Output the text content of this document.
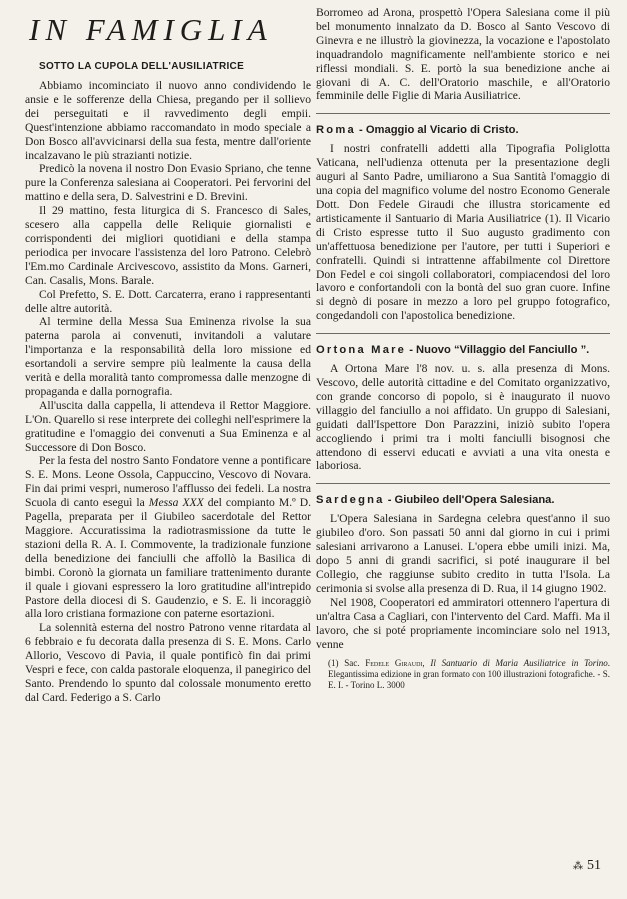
IN FAMIGLIA
SOTTO LA CUPOLA DELL'AUSILIATRICE

Abbiamo incominciato il nuovo anno condividendo le ansie e le sofferenze della Chiesa, pregando per il sollievo dei perseguitati e il ravvedimento degli empii. Quest'intenzione abbiamo raccomandato in modo speciale a Don Bosco all'avvicinarsi della sua festa, mentre dall'oriente incalzavano le più strazianti notizie.

Predicò la novena il nostro Don Evasio Spriano, che tenne pure la Conferenza salesiana ai Cooperatori. Pei fervorini del mattino e della sera, D. Salvestrini e D. Brevini.

Il 29 mattino, festa liturgica di S. Francesco di Sales, scesero alla cappella delle Reliquie giornalisti e corrispondenti dei migliori quotidiani e della stampa periodica per invocare l'assistenza del loro Patrono. Celebrò l'Em.mo Cardinale Arcivescovo, assistito da Mons. Garneri, Can. Casalis, Mons. Barale.

Col Prefetto, S. E. Dott. Carcaterra, erano i rappresentanti delle altre autorità.

Al termine della Messa Sua Eminenza rivolse la sua paterna parola ai convenuti, invitandoli a valutare l'importanza e la responsabilità della loro missione ed esortandoli a servire sempre più lealmente la causa della verità e della moralità tanto compromessa dalle menzogne di propaganda e dalla pornografia.

All'uscita dalla cappella, li attendeva il Rettor Maggiore. L'On. Quarello si rese interprete dei colleghi nell'esprimere la gratitudine e l'omaggio dei convenuti a Sua Eminenza e al Successore di Don Bosco.

Per la festa del nostro Santo Fondatore venne a pontificare S. E. Mons. Leone Ossola, Cappuccino, Vescovo di Novara. Fin dai primi vespri, numeroso l'afflusso dei fedeli. La nostra Scuola di canto eseguì la Messa XXX del compianto M.º D. Pagella, preparata per il Giubileo sacerdotale del Rettor Maggiore. Accuratissima la radiotrasmissione da tutte le stazioni della R. A. I. Commovente, la tradizionale funzione della benedizione dei fanciulli che affollò la Basilica di bimbi. Coronò la giornata un familiare trattenimento durante il quale i giovani espressero la loro gratitudine all'intrepido Pastore della diocesi di S. Gaudenzio, e S. E. li incoraggiò alla loro cristiana formazione con paterne esortazioni.

La solennità esterna del nostro Patrono venne ritardata al 6 febbraio e fu decorata dalla presenza di S. E. Mons. Carlo Allorio, Vescovo di Pavia, il quale pontificò fin dai primi Vespri e fece, con calda pastorale eloquenza, il panegirico del Santo. Prendendo lo spunto dal colossale monumento eretto dal Card. Federigo a S. Carlo

Borromeo ad Arona, prospettò l'Opera Salesiana come il più bel monumento innalzato da D. Bosco al Santo Vescovo di Ginevra e ne illustrò la giovinezza, la vocazione e l'apostolato inquadrandolo magnificamente nell'ambiente storico e nei riflessi mondiali. S. E. portò la sua benedizione anche ai giovani di A. C. dell'Oratorio maschile, e all'Oratorio femminile delle Figlie di Maria Ausiliatrice.

Roma - Omaggio al Vicario di Cristo.

I nostri confratelli addetti alla Tipografia Poliglotta Vaticana, nell'udienza ottenuta per la presentazione degli auguri al Santo Padre, umiliarono a Sua Santità l'omaggio di una copia del magnifico volume del nostro Economo Generale Dott. Don Fedele Giraudi che illustra storicamente ed artisticamente il Santuario di Maria Ausiliatrice (1). Il Vicario di Cristo espresse tutto il Suo augusto gradimento con un'affettuosa benedizione per l'autore, per tutti i Superiori e confratelli. Quindi si intrattenne affabilmente col Direttore Don Fedel e coi singoli collaboratori, compiacendosi del loro lavoro e confortandoli con la bontà del suo gran cuore. Infine si degnò di posare in mezzo a loro pel gruppo fotografico, congedandoli con l'apostolica benedizione.

Ortona Mare - Nuovo “Villaggio del Fanciullo ”.

A Ortona Mare l'8 nov. u. s. alla presenza di Mons. Vescovo, delle autorità cittadine e del Comitato organizzativo, con grande concorso di popolo, si è inaugurato il nuovo villaggio del fanciullo a noi affidato. Un gruppo di Salesiani, guidati dall'Ispettore Don Parazzini, iniziò subito l'opera accogliendo i primi tra i molti fanciulli bisognosi che attendono di esservi educati e avviati a una vita onesta e laboriosa.

Sardegna - Giubileo dell'Opera Salesiana.

L'Opera Salesiana in Sardegna celebra quest'anno il suo giubileo d'oro. Son passati 50 anni dal giorno in cui i primi salesiani arrivarono a Lanusei. L'opera ebbe umili inizi. Ma, dopo 5 anni di grandi sacrifici, si poté inaugurare il bel Collegio, che raggiunse subito credito in tutta l'Isola. La cerimonia si svolse alla presenza di D. Rua, il 14 giugno 1902.

Nel 1908, Cooperatori ed ammiratori ottennero l'apertura di un'altra Casa a Cagliari, con l'intervento del Card. Maffi. Ma il lavoro, che si poté propriamente incominciare solo nel 1913, venne

(1) Sac. Fedele Giraudi, Il Santuario di Maria Ausiliatrice in Torino. Elegantissima edizione in gran formato con 100 illustrazioni fotografiche. - S. E. I. - Torino L. 3000

⁂ 51
